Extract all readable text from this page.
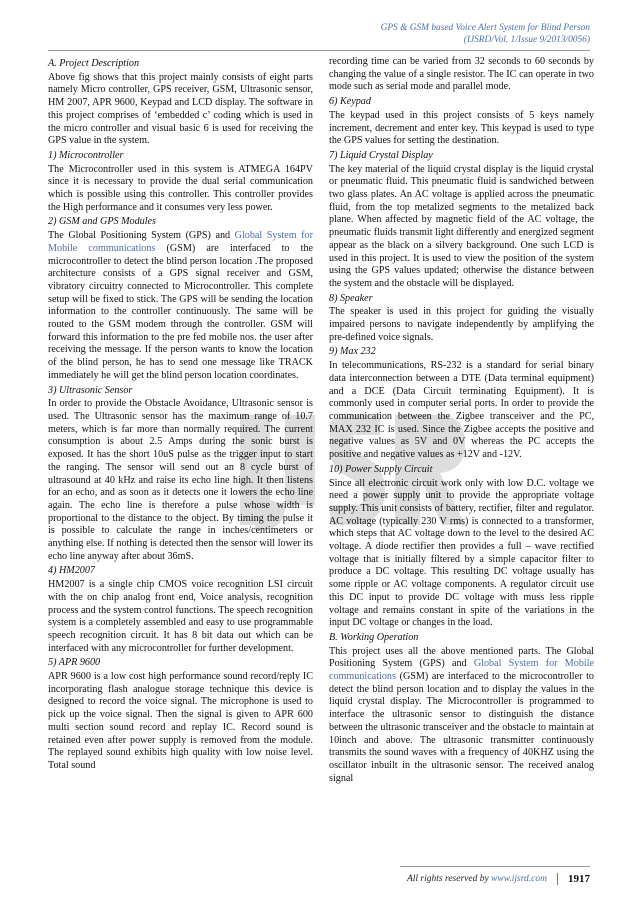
GPS & GSM based Voice Alert System for Blind Person
(IJSRD/Vol. 1/Issue 9/2013/0056)
A. Project Description

Above fig shows that this project mainly consists of eight parts namely Micro controller, GPS receiver, GSM, Ultrasonic sensor, HM 2007, APR 9600, Keypad and LCD display. The software in this project comprises of ‘embedded c’ coding which is used in the micro controller and visual basic 6 is used for receiving the GPS value in the system.

1) Microcontroller

The Microcontroller used in this system is ATMEGA 164PV since it is necessary to provide the dual serial communication which is possible using this controller. This controller provides the High performance and it consumes very less power.

2) GSM and GPS Modules

The Global Positioning System (GPS) and Global System for Mobile communications (GSM) are interfaced to the microcontroller to detect the blind person location .The proposed architecture consists of a GPS signal receiver and GSM, vibratory circuitry connected to Microcontroller. This complete setup will be fixed to stick. The GPS will be sending the location information to the controller continuously. The same will be routed to the GSM modem through the controller. GSM will forward this information to the pre fed mobile nos. the user after receiving the message. If the person wants to know the location of the blind person, he has to send one message like TRACK immediately he will get the blind person location coordinates.

3) Ultrasonic Sensor

In order to provide the Obstacle Avoidance, Ultrasonic sensor is used. The Ultrasonic sensor has the maximum range of 10.7 meters, which is far more than normally required. The current consumption is about 2.5 Amps during the sonic burst is exposed. It has the short 10uS pulse as the trigger input to start the ranging. The sensor will send out an 8 cycle burst of ultrasound at 40 kHz and raise its echo line high. It then listens for an echo, and as soon as it detects one it lowers the echo line again. The echo line is therefore a pulse whose width is proportional to the distance to the object. By timing the pulse it is possible to calculate the range in inches/centimeters or anything else. If nothing is detected then the sensor will lower its echo line anyway after about 36mS.

4) HM2007

HM2007 is a single chip CMOS voice recognition LSI circuit with the on chip analog front end, Voice analysis, recognition process and the system control functions. The speech recognition system is a completely assembled and easy to use programmable speech recognition circuit. It has 8 bit data out which can be interfaced with any microcontroller for further development.

5) APR 9600

APR 9600 is a low cost high performance sound record/reply IC incorporating flash analogue storage technique this device is designed to record the voice signal. The microphone is used to pick up the voice signal. Then the signal is given to APR 600 multi section sound record and replay IC. Record sound is retained even after power supply is removed from the module. The replayed sound exhibits high quality with low noise level. Total sound

recording time can be varied from 32 seconds to 60 seconds by changing the value of a single resistor. The IC can operate in two mode such as serial mode and parallel mode.

6) Keypad

The keypad used in this project consists of 5 keys namely increment, decrement and enter key. This keypad is used to type the GPS values for setting the destination.

7) Liquid Crystal Display

The key material of the liquid crystal display is the liquid crystal or pneumatic fluid. This pneumatic fluid is sandwiched between two glass plates. An AC voltage is applied across the pneumatic fluid, from the top metalized segments to the metalized back plane. When affected by magnetic field of the AC voltage, the pneumatic fluids transmit light differently and energized segment appear as the black on a silvery background. One such LCD is used in this project. It is used to view the position of the system using the GPS values updated; otherwise the distance between the system and the obstacle will be displayed.

8) Speaker

The speaker is used in this project for guiding the visually impaired persons to navigate independently by amplifying the pre-defined voice signals.

9) Max 232

In telecommunications, RS-232 is a standard for serial binary data interconnection between a DTE (Data terminal equipment) and a DCE (Data Circuit terminating Equipment). It is commonly used in computer serial ports. In order to provide the communication between the Zigbee transceiver and the PC, MAX 232 IC is used. Since the Zigbee accepts the positive and negative values as 5V and 0V whereas the PC accepts the positive and negative values as +12V and -12V.

10) Power Supply Circuit

Since all electronic circuit work only with low D.C. voltage we need a power supply unit to provide the appropriate voltage supply. This unit consists of battery, rectifier, filter and regulator. AC voltage (typically 230 V rms) is connected to a transformer, which steps that AC voltage down to the level to the desired AC voltage. A diode rectifier then provides a full – wave rectified voltage that is initially filtered by a simple capacitor filter to produce a DC voltage. This resulting DC voltage usually has some ripple or AC voltage components. A regulator circuit use this DC input to provide DC voltage with muss less ripple voltage and remains constant in spite of the variations in the input DC voltage or changes in the load.

B. Working Operation

This project uses all the above mentioned parts. The Global Positioning System (GPS) and Global System for Mobile communications (GSM) are interfaced to the microcontroller to detect the blind person location and to display the values in the liquid crystal display. The Microcontroller is programmed to interface the ultrasonic sensor to distinguish the distance between the ultrasonic transceiver and the obstacle to maintain at 10inch and above. The ultrasonic transmitter continuously transmits the sound waves with a frequency of 40KHZ using the oscillator inbuilt in the ultrasonic sensor. The received analog signal

All rights reserved by www.ijsrd.com	1917
